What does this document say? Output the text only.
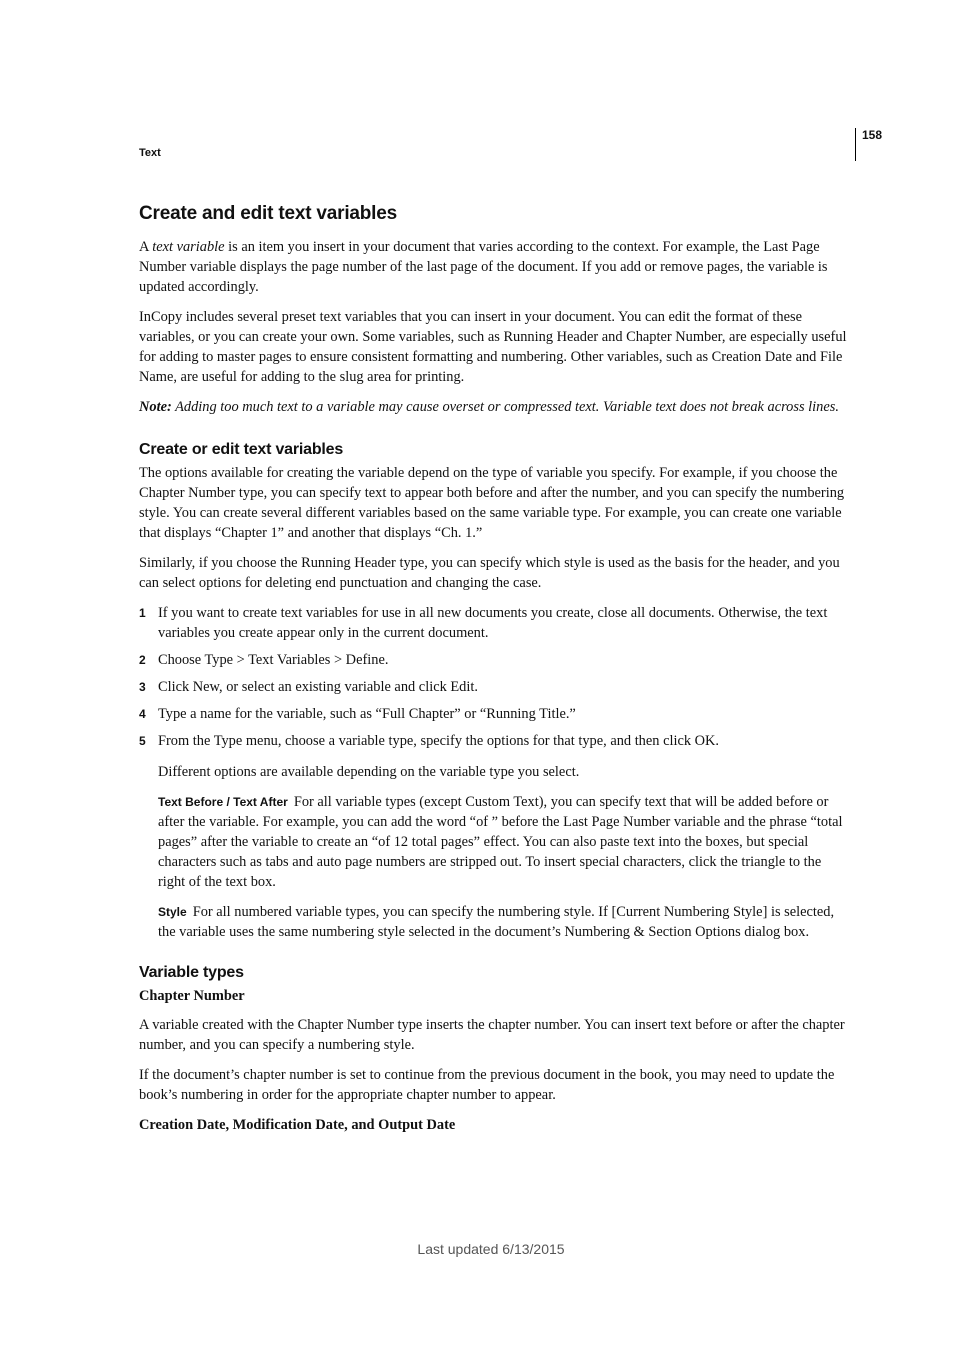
158
Text
Create and edit text variables

A text variable is an item you insert in your document that varies according to the context. For example, the Last Page Number variable displays the page number of the last page of the document. If you add or remove pages, the variable is updated accordingly.

InCopy includes several preset text variables that you can insert in your document. You can edit the format of these variables, or you can create your own. Some variables, such as Running Header and Chapter Number, are especially useful for adding to master pages to ensure consistent formatting and numbering. Other variables, such as Creation Date and File Name, are useful for adding to the slug area for printing.

Note: Adding too much text to a variable may cause overset or compressed text. Variable text does not break across lines.

Create or edit text variables

The options available for creating the variable depend on the type of variable you specify. For example, if you choose the Chapter Number type, you can specify text to appear both before and after the number, and you can specify the numbering style. You can create several different variables based on the same variable type. For example, you can create one variable that displays “Chapter 1” and another that displays “Ch. 1.”

Similarly, if you choose the Running Header type, you can specify which style is used as the basis for the header, and you can select options for deleting end punctuation and changing the case.

1 If you want to create text variables for use in all new documents you create, close all documents. Otherwise, the text variables you create appear only in the current document.
2 Choose Type > Text Variables > Define.
3 Click New, or select an existing variable and click Edit.
4 Type a name for the variable, such as “Full Chapter” or “Running Title.”
5 From the Type menu, choose a variable type, specify the options for that type, and then click OK.

Different options are available depending on the variable type you select.

Text Before / Text After For all variable types (except Custom Text), you can specify text that will be added before or after the variable. For example, you can add the word “of ” before the Last Page Number variable and the phrase “total pages” after the variable to create an “of 12 total pages” effect. You can also paste text into the boxes, but special characters such as tabs and auto page numbers are stripped out. To insert special characters, click the triangle to the right of the text box.

Style For all numbered variable types, you can specify the numbering style. If [Current Numbering Style] is selected, the variable uses the same numbering style selected in the document’s Numbering & Section Options dialog box.

Variable types

Chapter Number

A variable created with the Chapter Number type inserts the chapter number. You can insert text before or after the chapter number, and you can specify a numbering style.

If the document’s chapter number is set to continue from the previous document in the book, you may need to update the book’s numbering in order for the appropriate chapter number to appear.

Creation Date, Modification Date, and Output Date

Last updated 6/13/2015
